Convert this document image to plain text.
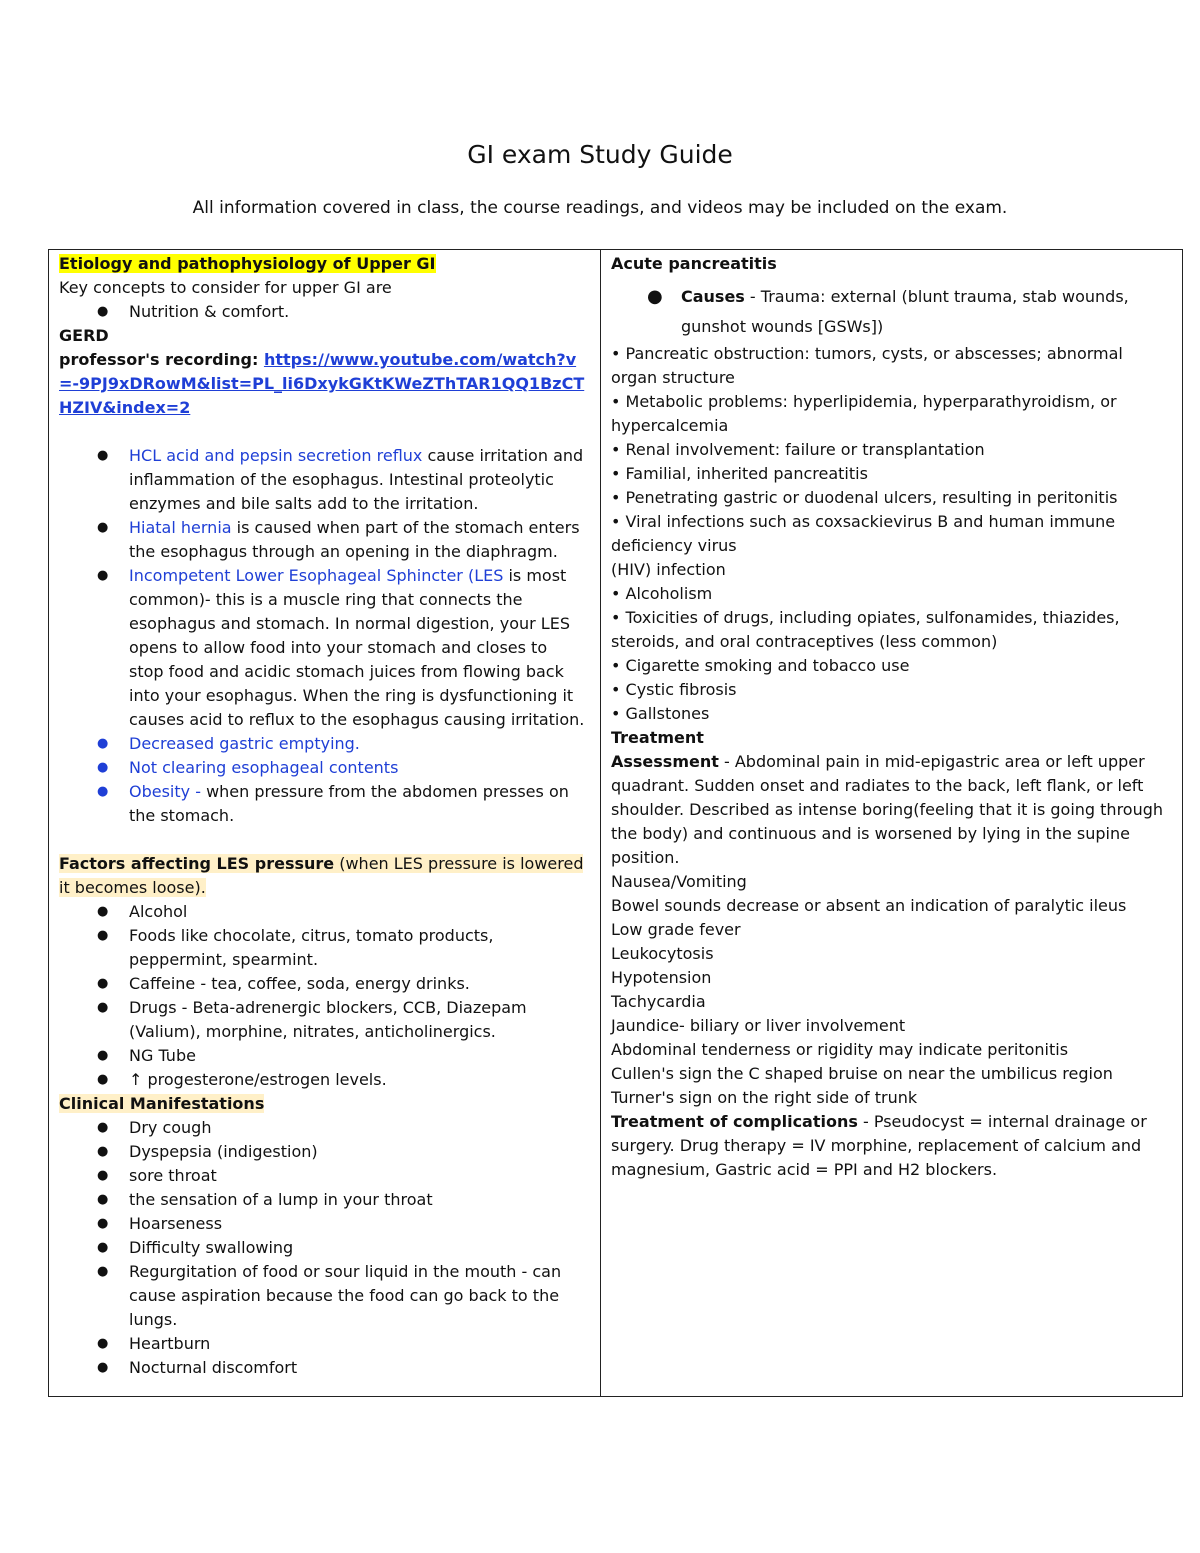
GI exam Study Guide
All information covered in class, the course readings, and videos may be included on the exam.

Etiology and pathophysiology of Upper GI

Key concepts to consider for upper GI are

● Nutrition & comfort.

GERD

professor's recording: https://www.youtube.com/watch?v=-9PJ9xDRowM&list=PL_li6DxykGKtKWeZThTAR1QQ1BzCTHZIV&index=2

● HCL acid and pepsin secretion reflux cause irritation and inflammation of the esophagus. Intestinal proteolytic enzymes and bile salts add to the irritation.
● Hiatal hernia is caused when part of the stomach enters the esophagus through an opening in the diaphragm.
● Incompetent Lower Esophageal Sphincter (LES is most common)- this is a muscle ring that connects the esophagus and stomach. In normal digestion, your LES opens to allow food into your stomach and closes to stop food and acidic stomach juices from flowing back into your esophagus. When the ring is dysfunctioning it causes acid to reflux to the esophagus causing irritation.
● Decreased gastric emptying.
● Not clearing esophageal contents
● Obesity - when pressure from the abdomen presses on the stomach.

Factors affecting LES pressure (when LES pressure is lowered it becomes loose).

● Alcohol
● Foods like chocolate, citrus, tomato products, peppermint, spearmint.
● Caffeine - tea, coffee, soda, energy drinks.
● Drugs - Beta-adrenergic blockers, CCB, Diazepam (Valium), morphine, nitrates, anticholinergics.
● NG Tube
● ↑ progesterone/estrogen levels.

Clinical Manifestations

● Dry cough
● Dyspepsia (indigestion)
● sore throat
● the sensation of a lump in your throat
● Hoarseness
● Difficulty swallowing
● Regurgitation of food or sour liquid in the mouth - can cause aspiration because the food can go back to the lungs.
● Heartburn
● Nocturnal discomfort

Acute pancreatitis

● Causes - Trauma: external (blunt trauma, stab wounds, gunshot wounds [GSWs])

• Pancreatic obstruction: tumors, cysts, or abscesses; abnormal organ structure

• Metabolic problems: hyperlipidemia, hyperparathyroidism, or hypercalcemia

• Renal involvement: failure or transplantation

• Familial, inherited pancreatitis

• Penetrating gastric or duodenal ulcers, resulting in peritonitis

• Viral infections such as coxsackievirus B and human immune deficiency virus

(HIV) infection

• Alcoholism

• Toxicities of drugs, including opiates, sulfonamides, thiazides, steroids, and oral contraceptives (less common)

• Cigarette smoking and tobacco use

• Cystic fibrosis

• Gallstones

Treatment

Assessment - Abdominal pain in mid-epigastric area or left upper quadrant. Sudden onset and radiates to the back, left flank, or left shoulder. Described as intense boring(feeling that it is going through the body) and continuous and is worsened by lying in the supine position.

Nausea/Vomiting

Bowel sounds decrease or absent an indication of paralytic ileus

Low grade fever

Leukocytosis

Hypotension

Tachycardia

Jaundice- biliary or liver involvement

Abdominal tenderness or rigidity may indicate peritonitis

Cullen's sign the C shaped bruise on near the umbilicus region

Turner's sign on the right side of trunk

Treatment of complications - Pseudocyst = internal drainage or surgery. Drug therapy = IV morphine, replacement of calcium and magnesium, Gastric acid = PPI and H2 blockers.
